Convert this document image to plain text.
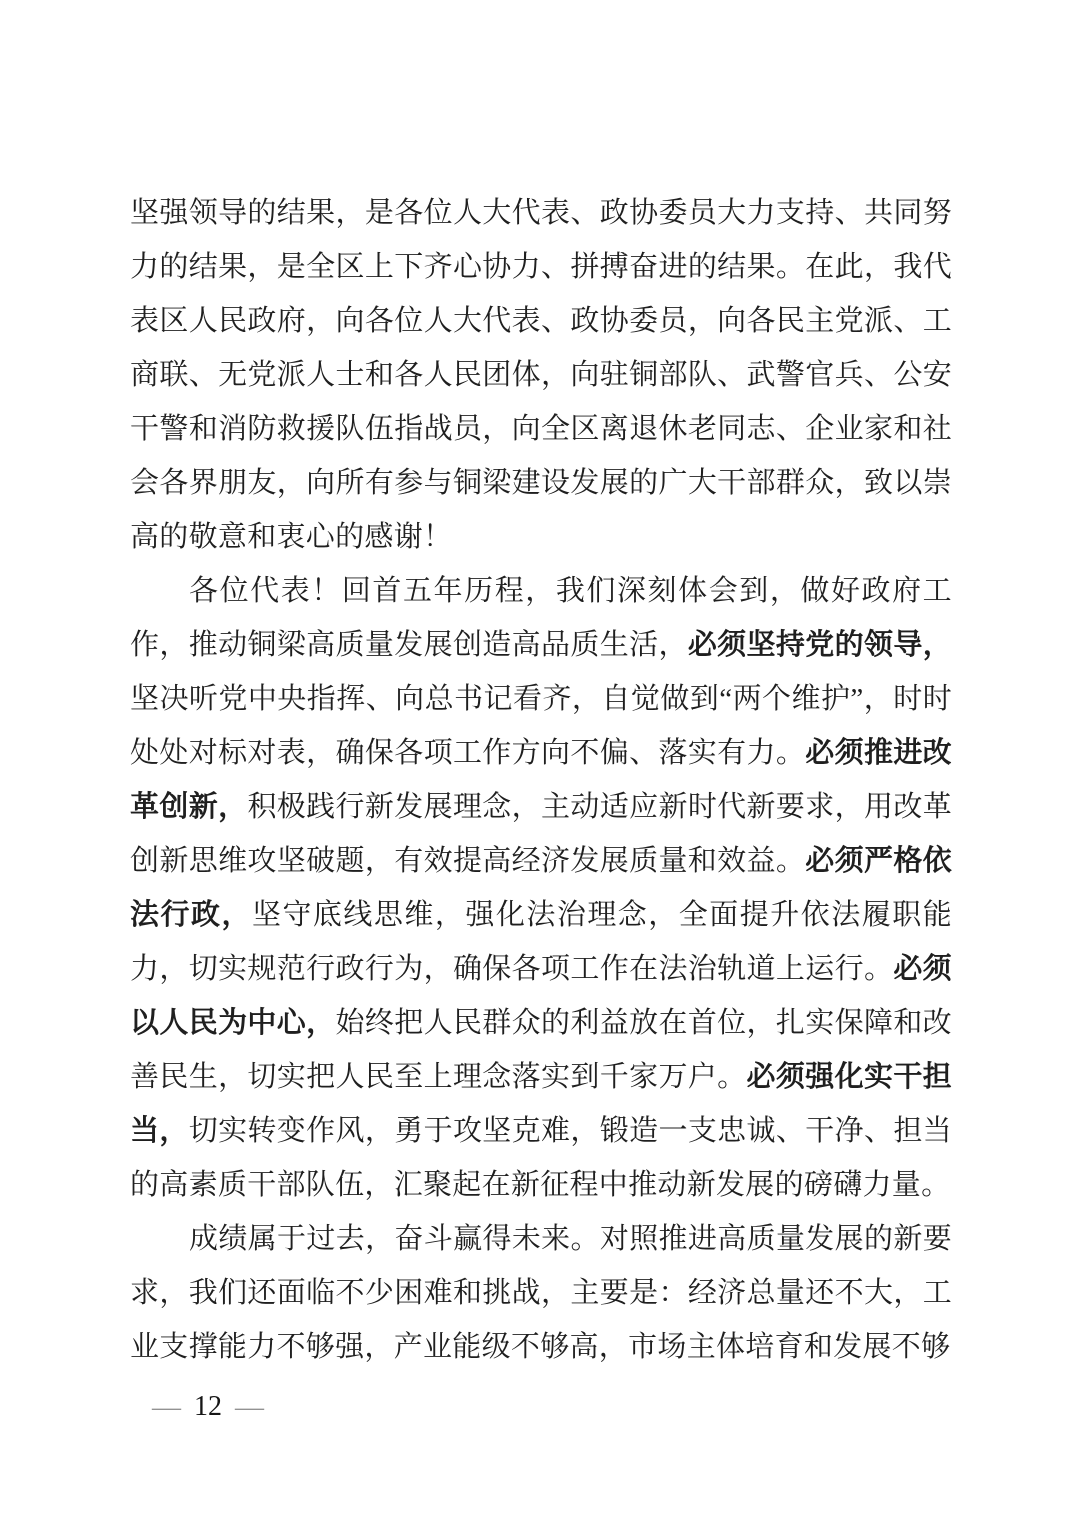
坚强领导的结果，是各位人大代表、政协委员大力支持、共同努力的结果，是全区上下齐心协力、拼搏奋进的结果。在此，我代表区人民政府，向各位人大代表、政协委员，向各民主党派、工商联、无党派人士和各人民团体，向驻铜部队、武警官兵、公安干警和消防救援队伍指战员，向全区离退休老同志、企业家和社会各界朋友，向所有参与铜梁建设发展的广大干部群众，致以崇高的敬意和衷心的感谢！

各位代表！回首五年历程，我们深刻体会到，做好政府工作，推动铜梁高质量发展创造高品质生活，必须坚持党的领导，坚决听党中央指挥、向总书记看齐，自觉做到“两个维护”，时时处处对标对表，确保各项工作方向不偏、落实有力。必须推进改革创新，积极践行新发展理念，主动适应新时代新要求，用改革创新思维攻坚破题，有效提高经济发展质量和效益。必须严格依法行政，坚守底线思维，强化法治理念，全面提升依法履职能力，切实规范行政行为，确保各项工作在法治轨道上运行。必须以人民为中心，始终把人民群众的利益放在首位，扎实保障和改善民生，切实把人民至上理念落实到千家万户。必须强化实干担当，切实转变作风，勇于攻坚克难，锻造一支忠诚、干净、担当的高素质干部队伍，汇聚起在新征程中推动新发展的磅礴力量。

成绩属于过去，奋斗赢得未来。对照推进高质量发展的新要求，我们还面临不少困难和挑战，主要是：经济总量还不大，工业支撑能力不够强，产业能级不够高，市场主体培育和发展不够

— 12 —
